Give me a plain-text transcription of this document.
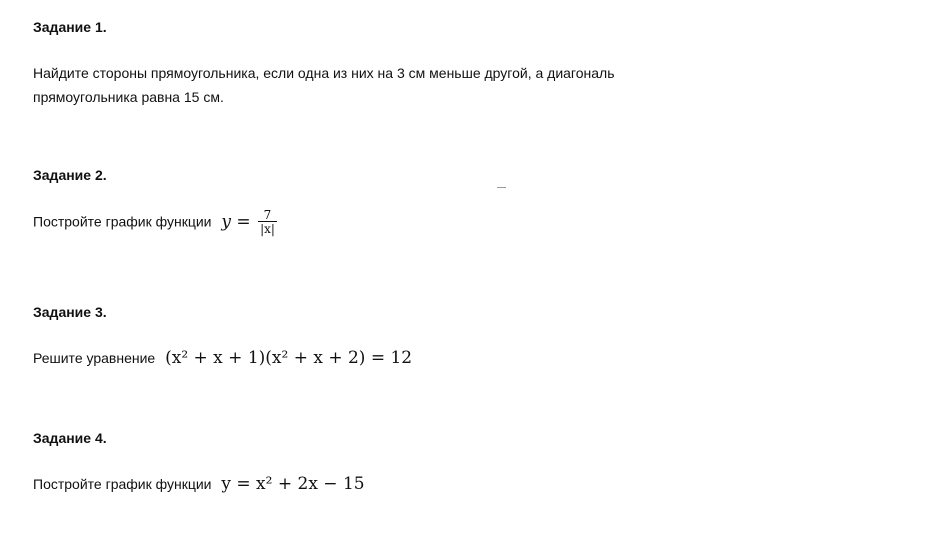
Задание 1.

Найдите стороны прямоугольника, если одна из них на 3 см меньше другой, а диагональ
прямоугольника равна 15 см.

Задание 2.

Постройте график функции $y = \frac{7}{|x|}$

Задание 3.

Решите уравнение (x² + x + 1)(x² + x + 2) = 12

Задание 4.

Постройте график функции y = x² + 2x − 15
